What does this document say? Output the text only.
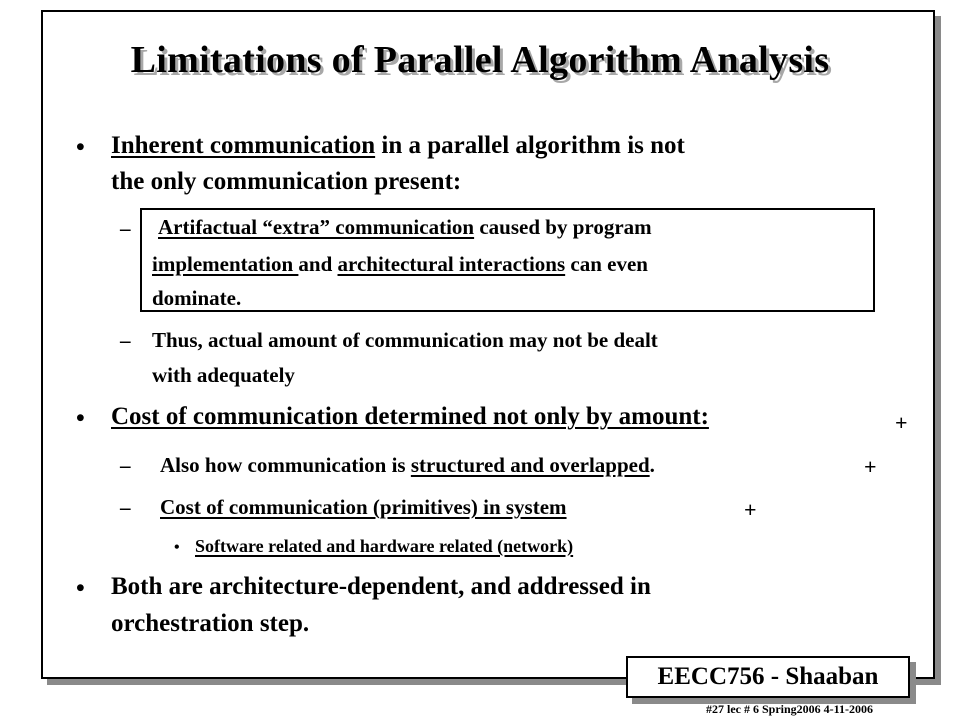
Limitations of Parallel Algorithm Analysis
• Inherent communication in a parallel algorithm is not
the only communication present:
– Artifactual “extra” communication caused by program
implementation and architectural interactions can even
dominate.
– Thus, actual amount of communication may not be dealt
with adequately
• Cost of communication determined not only by amount:	+
– Also how communication is structured and overlapped.	+
– Cost of communication (primitives) in system	+
• Software related and hardware related (network)
• Both are architecture-dependent, and addressed in
orchestration step.
EECC756 - Shaaban
#27 lec # 6 Spring2006 4-11-2006
